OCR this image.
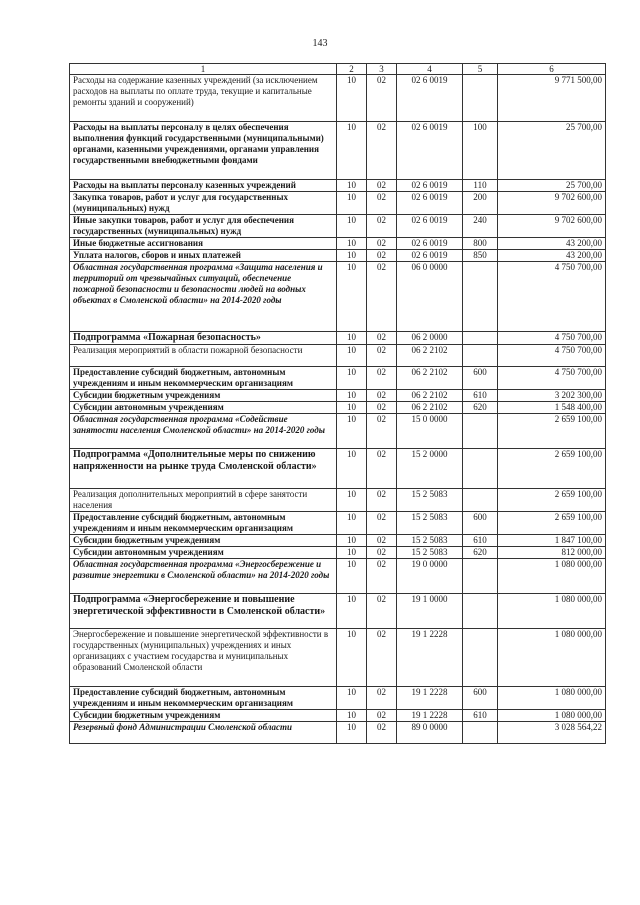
143
1	2	3	4	5	6
Расходы на содержание казенных учреждений (за исключением расходов на выплаты по оплате труда, текущие и капитальные ремонты зданий и сооружений)	10	02	02 6 0019		9 771 500,00
Расходы на выплаты персоналу в целях обеспечения выполнения функций государственными (муниципальными) органами, казенными учреждениями, органами управления государственными внебюджетными фондами	10	02	02 6 0019	100	25 700,00
Расходы на выплаты персоналу казенных учреждений	10	02	02 6 0019	110	25 700,00
Закупка товаров, работ и услуг для государственных (муниципальных) нужд	10	02	02 6 0019	200	9 702 600,00
Иные закупки товаров, работ и услуг для обеспечения государственных (муниципальных) нужд	10	02	02 6 0019	240	9 702 600,00
Иные бюджетные ассигнования	10	02	02 6 0019	800	43 200,00
Уплата налогов, сборов и иных платежей	10	02	02 6 0019	850	43 200,00
Областная государственная программа «Защита населения и территорий от чрезвычайных ситуаций, обеспечение пожарной безопасности и безопасности людей на водных объектах в Смоленской области» на 2014-2020 годы	10	02	06 0 0000		4 750 700,00
Подпрограмма «Пожарная безопасность»	10	02	06 2 0000		4 750 700,00
Реализация мероприятий в области пожарной безопасности	10	02	06 2 2102		4 750 700,00
Предоставление субсидий бюджетным, автономным учреждениям и иным некоммерческим организациям	10	02	06 2 2102	600	4 750 700,00
Субсидии бюджетным учреждениям	10	02	06 2 2102	610	3 202 300,00
Субсидии автономным учреждениям	10	02	06 2 2102	620	1 548 400,00
Областная государственная программа «Содействие занятости населения Смоленской области» на 2014-2020 годы	10	02	15 0 0000		2 659 100,00
Подпрограмма «Дополнительные меры по снижению напряженности на рынке труда Смоленской области»	10	02	15 2 0000		2 659 100,00
Реализация дополнительных мероприятий в сфере занятости населения	10	02	15 2 5083		2 659 100,00
Предоставление субсидий бюджетным, автономным учреждениям и иным некоммерческим организациям	10	02	15 2 5083	600	2 659 100,00
Субсидии бюджетным учреждениям	10	02	15 2 5083	610	1 847 100,00
Субсидии автономным учреждениям	10	02	15 2 5083	620	812 000,00
Областная государственная программа «Энергосбережение и развитие энергетики в Смоленской области» на 2014-2020 годы	10	02	19 0 0000		1 080 000,00
Подпрограмма «Энергосбережение и повышение энергетической эффективности в Смоленской области»	10	02	19 1 0000		1 080 000,00
Энергосбережение и повышение энергетической эффективности в государственных (муниципальных) учреждениях и иных организациях с участием государства и муниципальных образований Смоленской области	10	02	19 1 2228		1 080 000,00
Предоставление субсидий бюджетным, автономным учреждениям и иным некоммерческим организациям	10	02	19 1 2228	600	1 080 000,00
Субсидии бюджетным учреждениям	10	02	19 1 2228	610	1 080 000,00
Резервный фонд Администрации Смоленской области	10	02	89 0 0000		3 028 564,22
